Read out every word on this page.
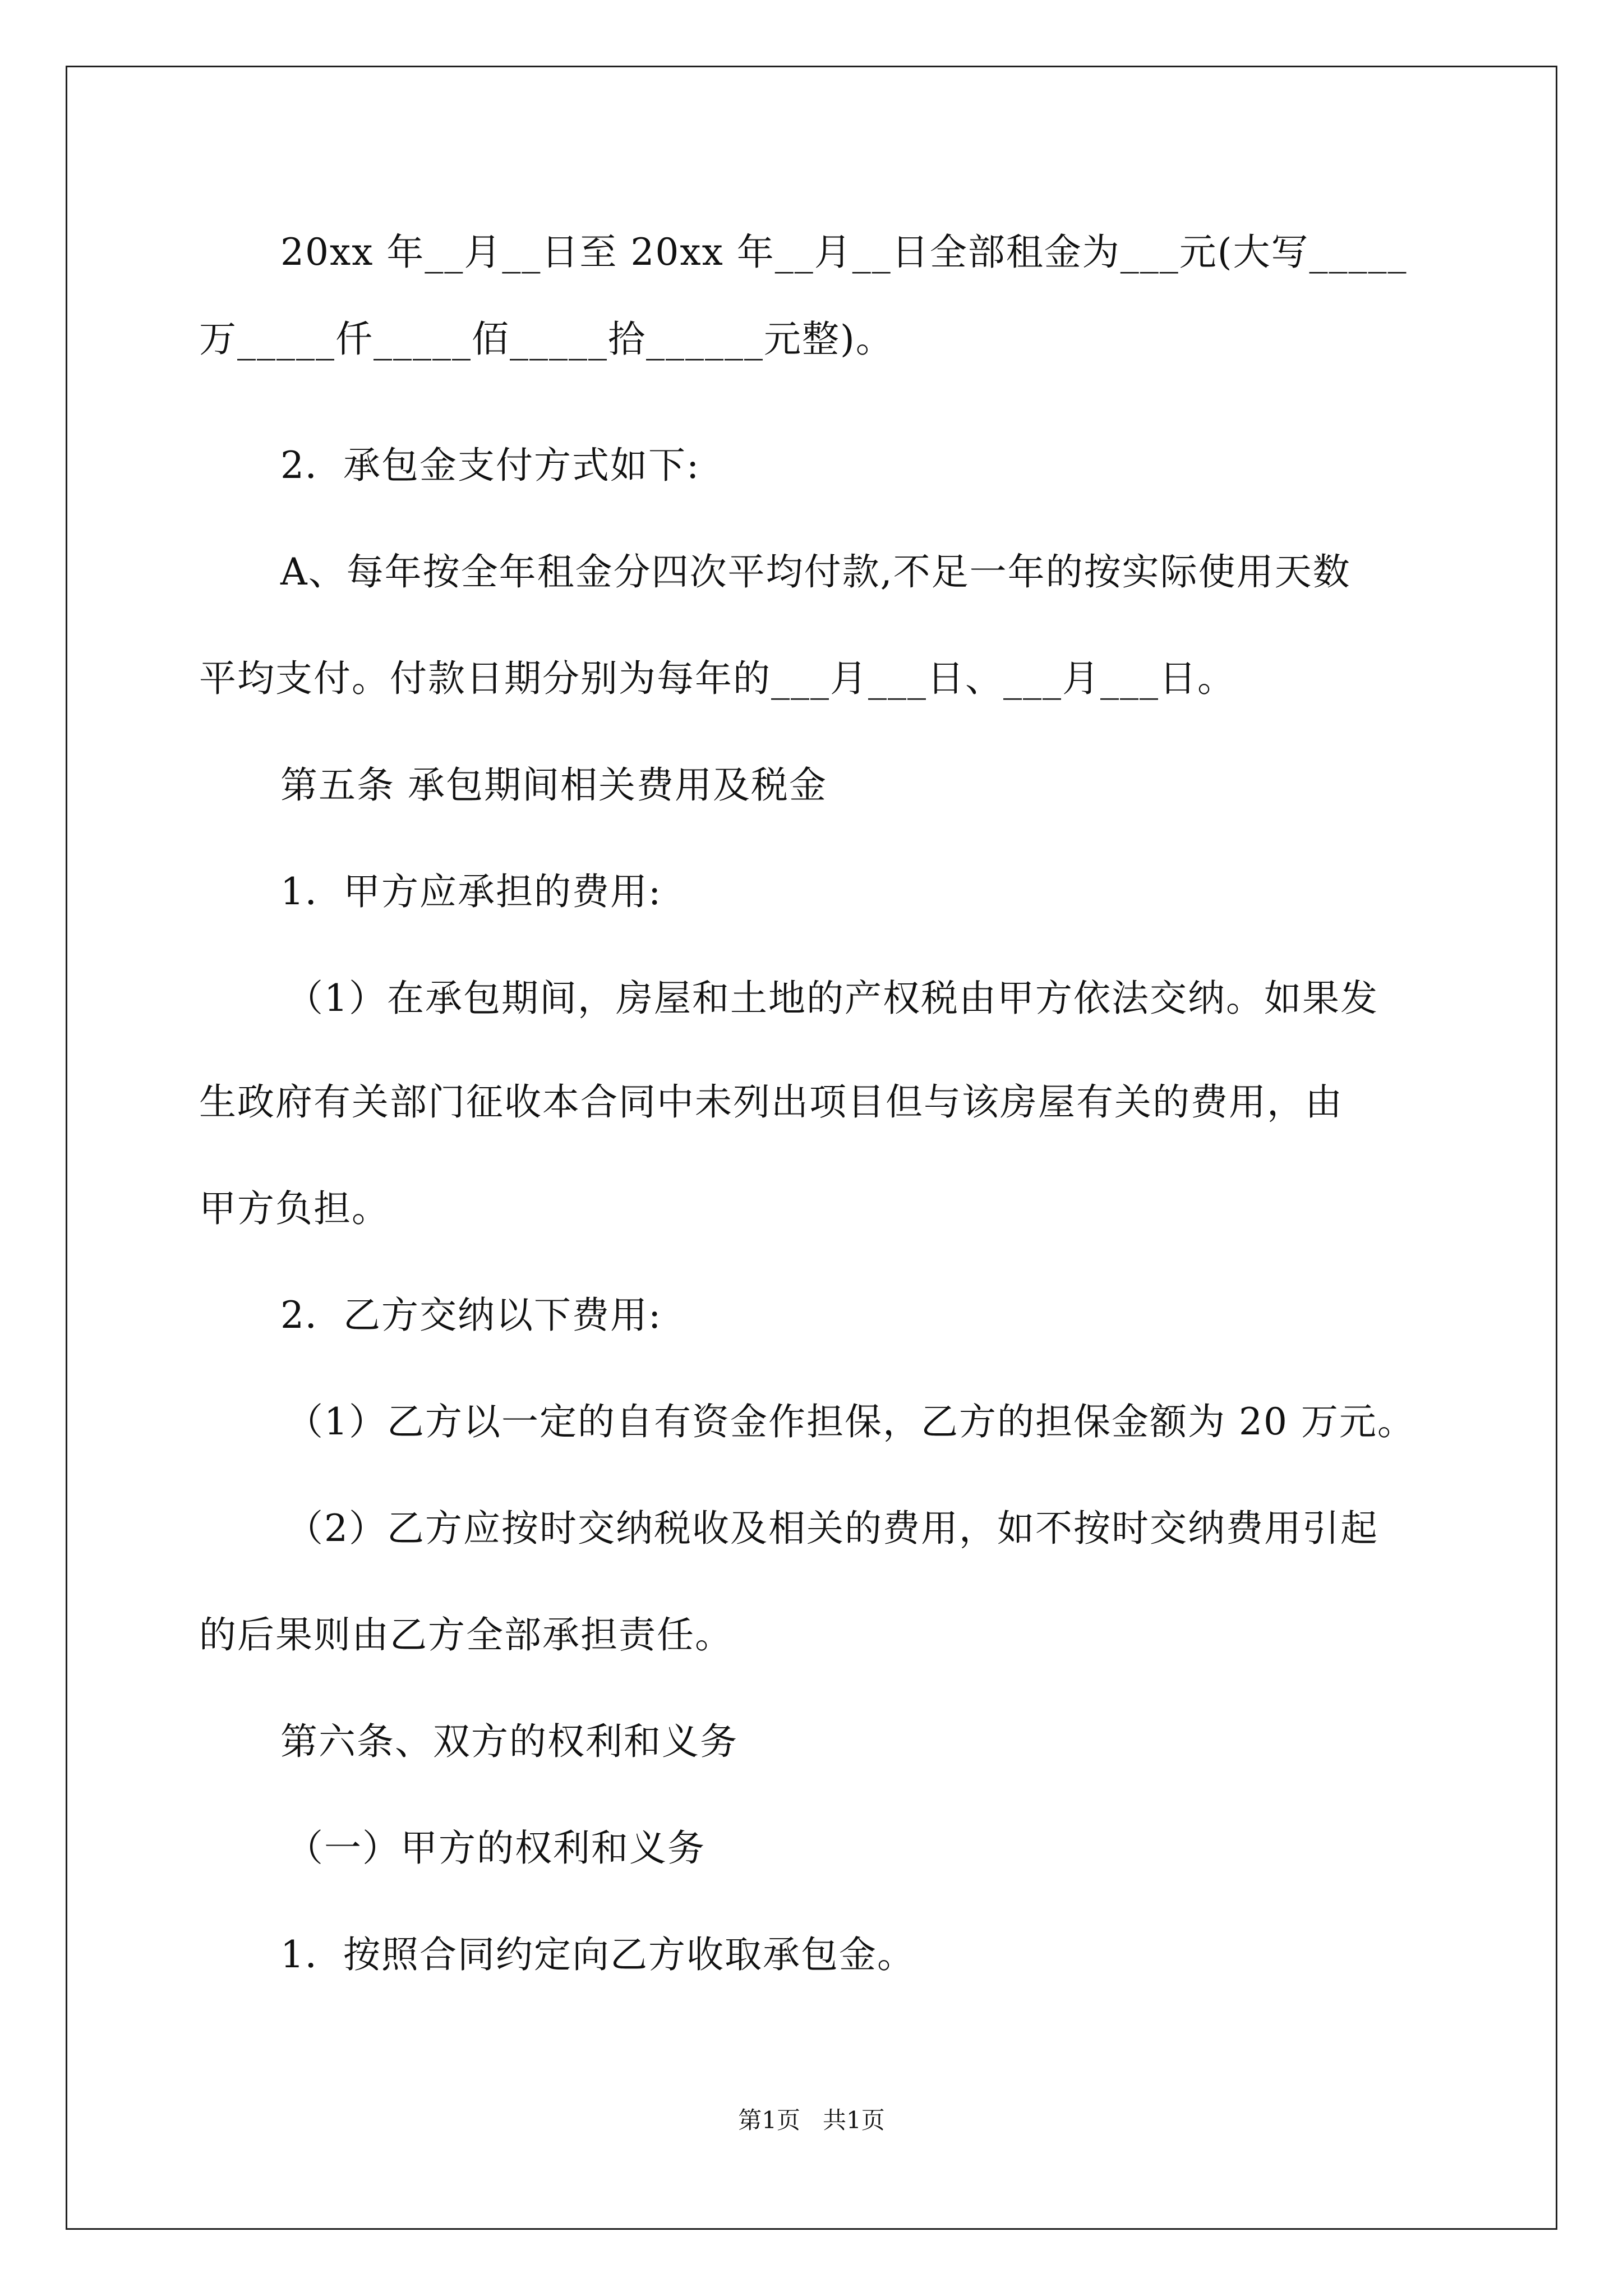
20xx 年__月__日至 20xx 年__月__日全部租金为___元(大写_____
万_____仟_____佰_____拾______元整)。
2．承包金支付方式如下:
A、每年按全年租金分四次平均付款,不足一年的按实际使用天数
平均支付。付款日期分别为每年的___月___日、___月___日。
第五条 承包期间相关费用及税金
1．甲方应承担的费用:
（1）在承包期间，房屋和土地的产权税由甲方依法交纳。如果发
生政府有关部门征收本合同中未列出项目但与该房屋有关的费用，由
甲方负担。
2．乙方交纳以下费用:
（1）乙方以一定的自有资金作担保，乙方的担保金额为 20 万元。
（2）乙方应按时交纳税收及相关的费用，如不按时交纳费用引起
的后果则由乙方全部承担责任。
第六条、双方的权利和义务
（一）甲方的权利和义务
1．按照合同约定向乙方收取承包金。
第1页   共1页
